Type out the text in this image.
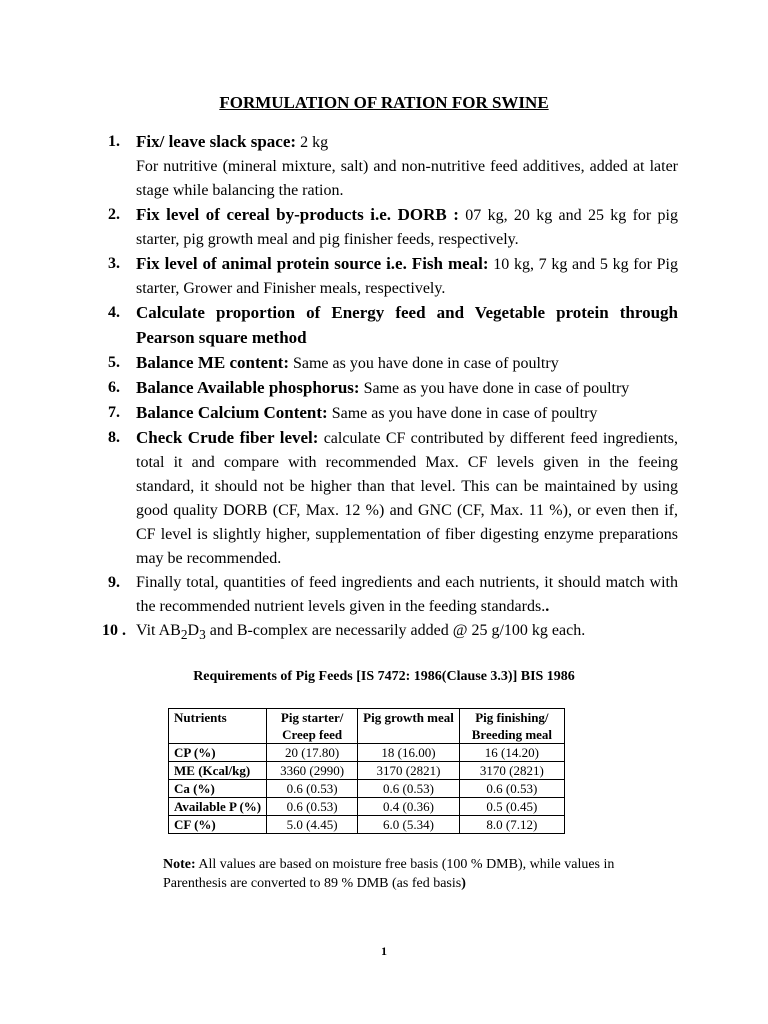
FORMULATION OF RATION FOR SWINE
1. Fix/ leave slack space: 2 kg
For nutritive (mineral mixture, salt) and non-nutritive feed additives, added at later stage while balancing the ration.
2. Fix level of cereal by-products i.e. DORB : 07 kg, 20 kg and 25 kg for pig starter, pig growth meal and pig finisher feeds, respectively.
3. Fix level of animal protein source i.e. Fish meal: 10 kg, 7 kg and 5 kg for Pig starter, Grower and Finisher meals, respectively.
4. Calculate proportion of Energy feed and Vegetable protein through Pearson square method
5. Balance ME content: Same as you have done in case of poultry
6. Balance Available phosphorus: Same as you have done in case of poultry
7. Balance Calcium Content: Same as you have done in case of poultry
8. Check Crude fiber level: calculate CF contributed by different feed ingredients, total it and compare with recommended Max. CF levels given in the feeing standard, it should not be higher than that level. This can be maintained by using good quality DORB (CF, Max. 12 %) and GNC (CF, Max. 11 %), or even then if, CF level is slightly higher, supplementation of fiber digesting enzyme preparations may be recommended.
9. Finally total, quantities of feed ingredients and each nutrients, it should match with the recommended nutrient levels given in the feeding standards..
10 . Vit $AB_2D_3$ and B-complex are necessarily added @ 25 g/100 kg each.
Requirements of Pig Feeds [IS 7472: 1986(Clause 3.3)] BIS 1986
Nutrients	Pig starter/ Creep feed	Pig growth meal	Pig finishing/ Breeding meal
CP (%)	20 (17.80)	18 (16.00)	16 (14.20)
ME (Kcal/kg)	3360 (2990)	3170 (2821)	3170 (2821)
Ca (%)	0.6 (0.53)	0.6 (0.53)	0.6 (0.53)
Available P (%)	0.6 (0.53)	0.4 (0.36)	0.5 (0.45)
CF (%)	5.0 (4.45)	6.0 (5.34)	8.0 (7.12)
Note: All values are based on moisture free basis (100 % DMB), while values in Parenthesis are converted to 89 % DMB (as fed basis)
1
